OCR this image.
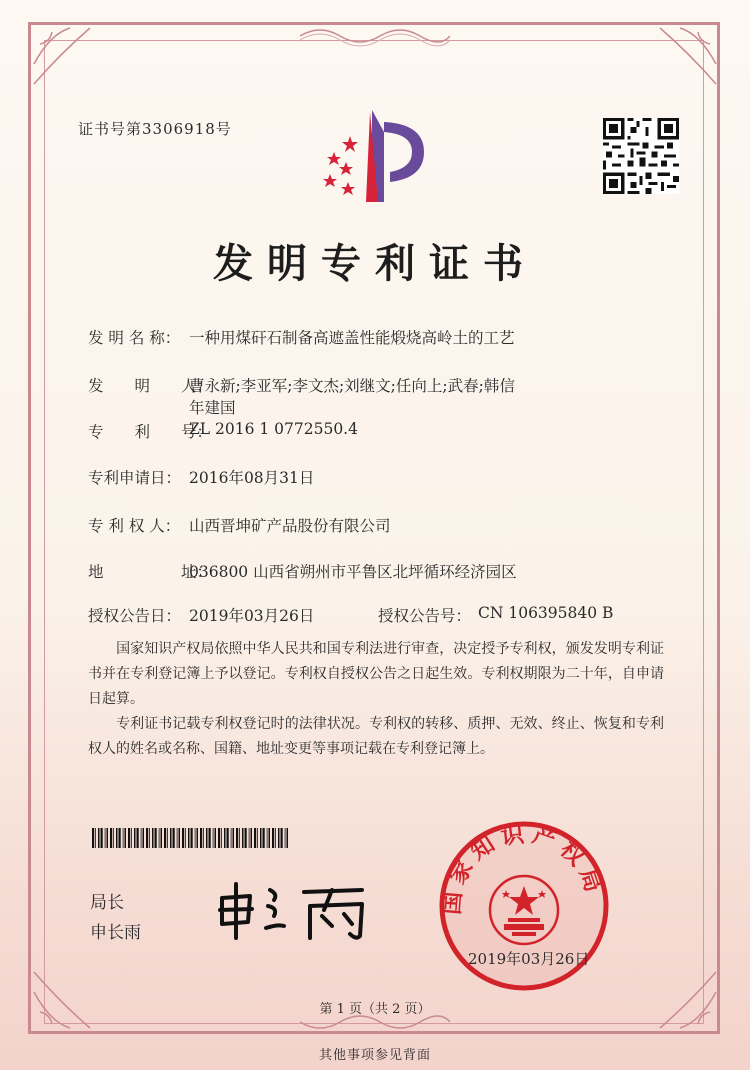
证书号第3306918号
发明专利证书
发 明 名 称： 一种用煤矸石制备高遮盖性能煅烧高岭土的工艺
发　　明　　人：
曹永新;李亚军;李文杰;刘继文;任向上;武春;韩信
年建国
专　　利　　号：
ZL 2016 1 0772550.4
专利申请日： 2016年08月31日
专 利 权 人： 山西晋坤矿产品股份有限公司
地　　　　　址：
036800 山西省朔州市平鲁区北坪循环经济园区
授权公告日： 2019年03月26日	授权公告号： CN 106395840 B
　　国家知识产权局依照中华人民共和国专利法进行审查，决定授予专利权，颁发发明专利证书并在专利登记簿上予以登记。专利权自授权公告之日起生效。专利权期限为二十年，自申请日起算。
　　专利证书记载专利权登记时的法律状况。专利权的转移、质押、无效、终止、恢复和专利权人的姓名或名称、国籍、地址变更等事项记载在专利登记簿上。
局长
申长雨
国家知识产权局
2019年03月26日
第 1 页（共 2 页）
其他事项参见背面
